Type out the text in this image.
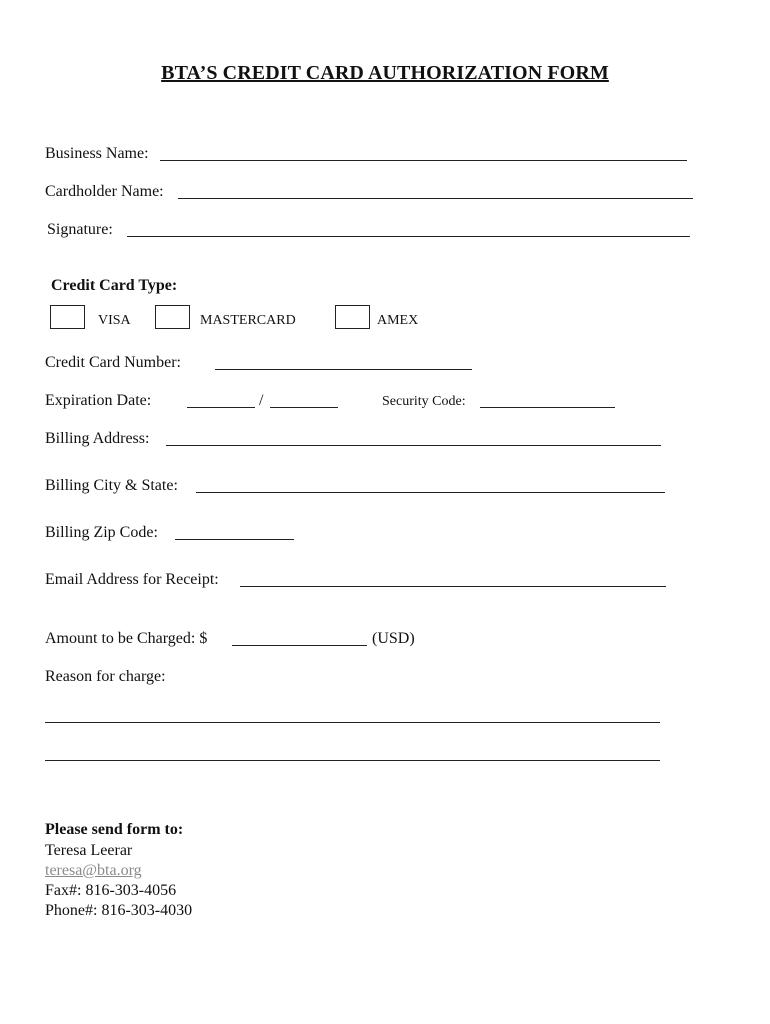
BTA’S CREDIT CARD AUTHORIZATION FORM
Business Name:
Cardholder Name:
Signature:
Credit Card Type:
VISA	MASTERCARD	AMEX
Credit Card Number:
Expiration Date:	/	Security Code:
Billing Address:
Billing City & State:
Billing Zip Code:
Email Address for Receipt:
Amount to be Charged: $	(USD)
Reason for charge:
Please send form to:
Teresa Leerar
teresa@bta.org
Fax#: 816-303-4056
Phone#: 816-303-4030
